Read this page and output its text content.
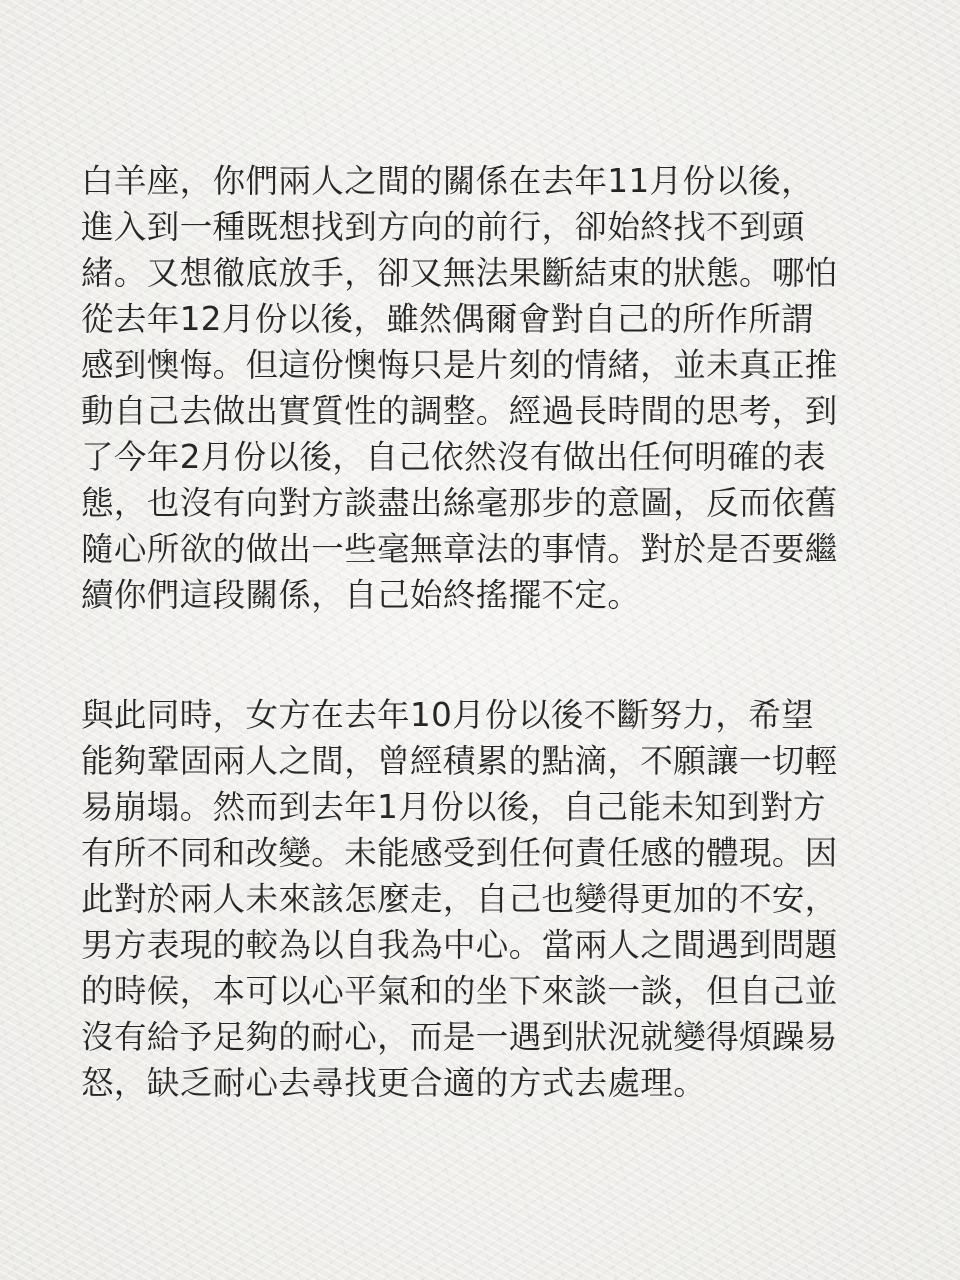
白羊座，你們兩人之間的關係在去年11月份以後，

進入到一種既想找到方向的前行，卻始終找不到頭

緒。又想徹底放手，卻又無法果斷結束的狀態。哪怕

從去年12月份以後，雖然偶爾會對自己的所作所謂

感到懊悔。但這份懊悔只是片刻的情緒，並未真正推

動自己去做出實質性的調整。經過長時間的思考，到

了今年2月份以後，自己依然沒有做出任何明確的表

態，也沒有向對方談盡出絲毫那步的意圖，反而依舊

隨心所欲的做出一些毫無章法的事情。對於是否要繼

續你們這段關係，自己始終搖擺不定。

與此同時，女方在去年10月份以後不斷努力，希望

能夠鞏固兩人之間，曾經積累的點滴，不願讓一切輕

易崩塌。然而到去年1月份以後，自己能未知到對方

有所不同和改變。未能感受到任何責任感的體現。因

此對於兩人未來該怎麼走，自己也變得更加的不安，

男方表現的較為以自我為中心。當兩人之間遇到問題

的時候，本可以心平氣和的坐下來談一談，但自己並

沒有給予足夠的耐心，而是一遇到狀況就變得煩躁易

怒，缺乏耐心去尋找更合適的方式去處理。
